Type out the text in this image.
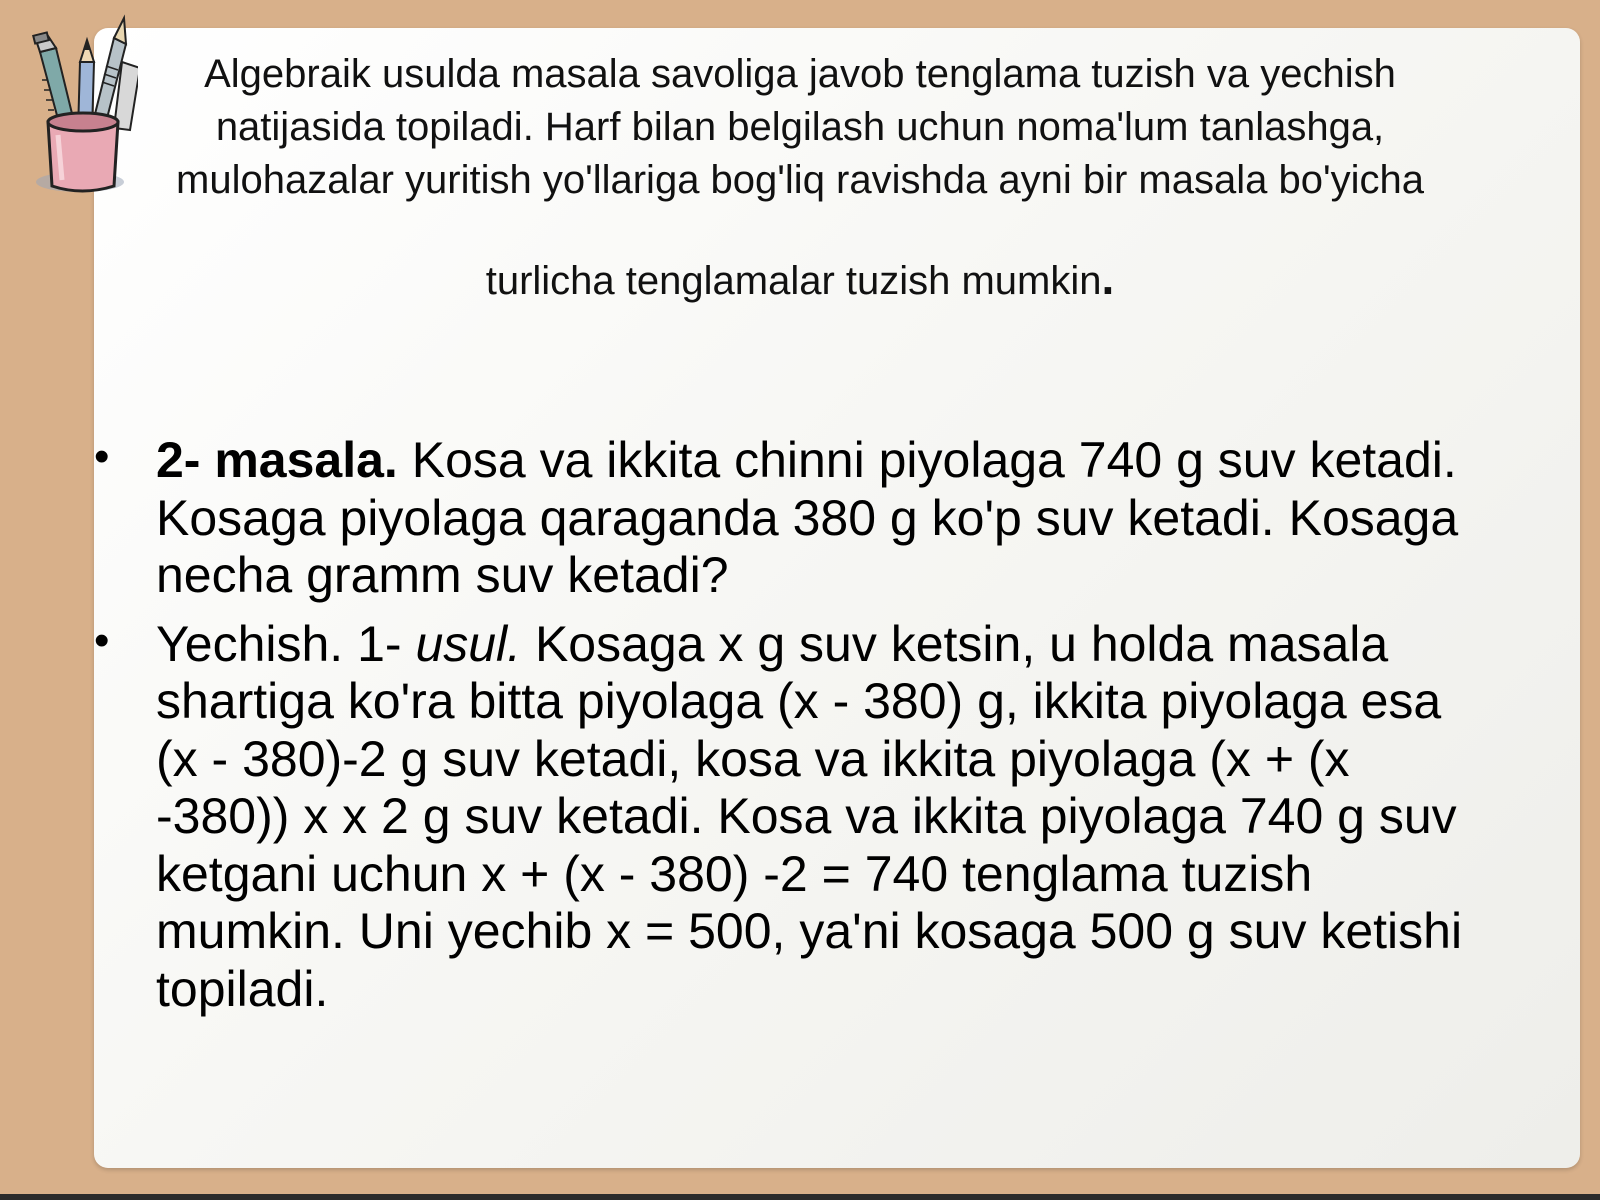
Algebraik usulda masala savoliga javob tenglama tuzish va yechish
natijasida topiladi. Harf bilan belgilash uchun noma'lum tanlashga,
mulohazalar yuritish yo'llariga bog'liq ravishda ayni bir masala bo'yicha
turlicha tenglamalar tuzish mumkin.
• 2- masala. Kosa va ikkita chinni piyolaga 740 g suv ketadi. Kosaga piyolaga qaraganda 380 g ko'p suv ketadi. Kosaga necha gramm suv ketadi?
• Yechish. 1- usul. Kosaga x g suv ketsin, u holda masala shartiga ko'ra bitta piyolaga (x - 380) g, ikkita piyolaga esa (x - 380)-2 g suv ketadi, kosa va ikkita piyolaga (x + (x -380)) x x 2 g suv ketadi. Kosa va ikkita piyolaga 740 g suv ketgani uchun x + (x - 380) -2 = 740 tenglama tuzish mumkin. Uni yechib x = 500, ya'ni kosaga 500 g suv ketishi topiladi.
